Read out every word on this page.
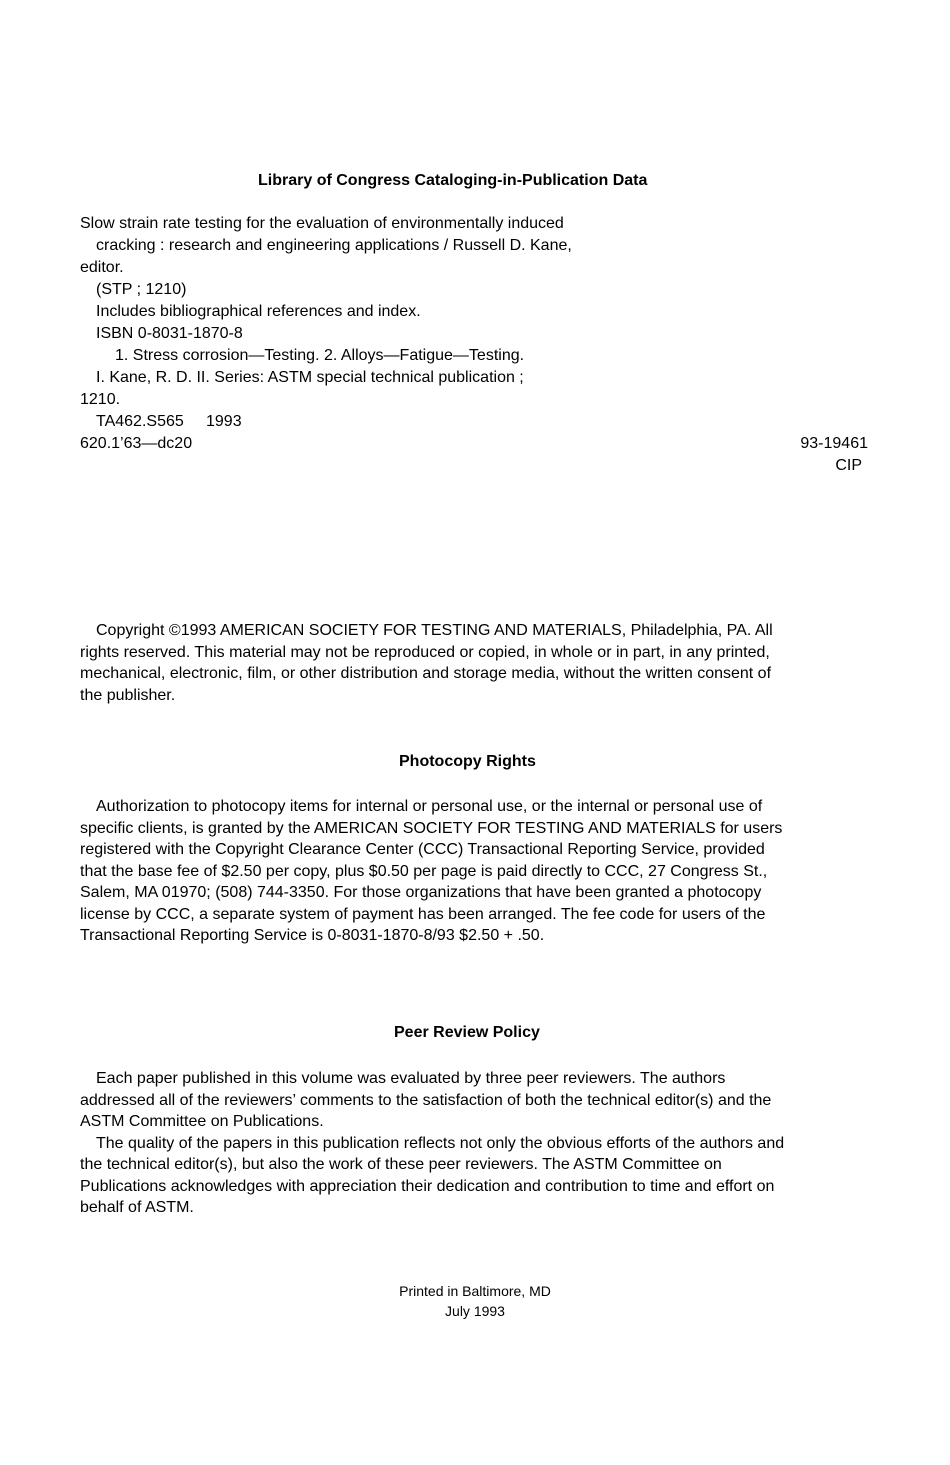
Library of Congress Cataloging-in-Publication Data
Slow strain rate testing for the evaluation of environmentally induced
cracking : research and engineering applications / Russell D. Kane,
editor.
(STP ; 1210)
Includes bibliographical references and index.
ISBN 0-8031-1870-8
1. Stress corrosion—Testing. 2. Alloys—Fatigue—Testing.
I. Kane, R. D. II. Series: ASTM special technical publication ;
1210.
TA462.S565     1993
620.1’63—dc20	93-19461
CIP
Copyright ©1993 AMERICAN SOCIETY FOR TESTING AND MATERIALS, Philadelphia, PA. All
rights reserved. This material may not be reproduced or copied, in whole or in part, in any printed,
mechanical, electronic, film, or other distribution and storage media, without the written consent of
the publisher.
Photocopy Rights
Authorization to photocopy items for internal or personal use, or the internal or personal use of
specific clients, is granted by the AMERICAN SOCIETY FOR TESTING AND MATERIALS for users
registered with the Copyright Clearance Center (CCC) Transactional Reporting Service, provided
that the base fee of $2.50 per copy, plus $0.50 per page is paid directly to CCC, 27 Congress St.,
Salem, MA 01970; (508) 744-3350. For those organizations that have been granted a photocopy
license by CCC, a separate system of payment has been arranged. The fee code for users of the
Transactional Reporting Service is 0-8031-1870-8/93 $2.50 + .50.
Peer Review Policy
Each paper published in this volume was evaluated by three peer reviewers. The authors
addressed all of the reviewers’ comments to the satisfaction of both the technical editor(s) and the
ASTM Committee on Publications.
The quality of the papers in this publication reflects not only the obvious efforts of the authors and
the technical editor(s), but also the work of these peer reviewers. The ASTM Committee on
Publications acknowledges with appreciation their dedication and contribution to time and effort on
behalf of ASTM.
Printed in Baltimore, MD
July 1993
